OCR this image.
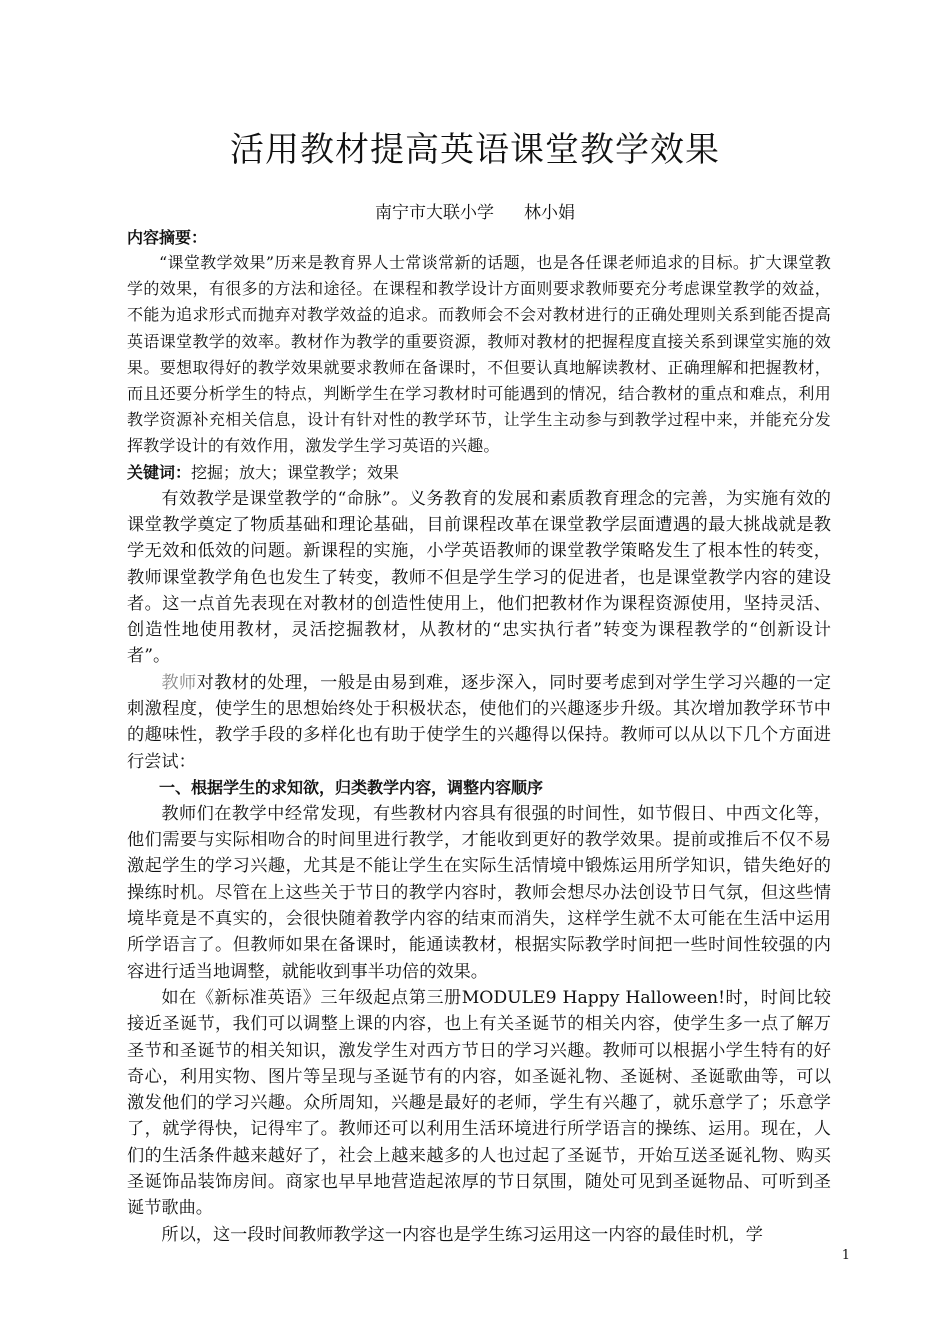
活用教材提高英语课堂教学效果
南宁市大联小学 林小娟

内容摘要：

“课堂教学效果”历来是教育界人士常谈常新的话题，也是各任课老师追求的目标。扩大课堂教学的效果，有很多的方法和途径。在课程和教学设计方面则要求教师要充分考虑课堂教学的效益，不能为追求形式而抛弃对教学效益的追求。而教师会不会对教材进行的正确处理则关系到能否提高英语课堂教学的效率。教材作为教学的重要资源，教师对教材的把握程度直接关系到课堂实施的效果。要想取得好的教学效果就要求教师在备课时，不但要认真地解读教材、正确理解和把握教材，而且还要分析学生的特点，判断学生在学习教材时可能遇到的情况，结合教材的重点和难点，利用教学资源补充相关信息，设计有针对性的教学环节，让学生主动参与到教学过程中来，并能充分发挥教学设计的有效作用，激发学生学习英语的兴趣。

关键词：挖掘；放大；课堂教学；效果

有效教学是课堂教学的“命脉”。义务教育的发展和素质教育理念的完善，为实施有效的课堂教学奠定了物质基础和理论基础，目前课程改革在课堂教学层面遭遇的最大挑战就是教学无效和低效的问题。新课程的实施，小学英语教师的课堂教学策略发生了根本性的转变，教师课堂教学角色也发生了转变，教师不但是学生学习的促进者，也是课堂教学内容的建设者。这一点首先表现在对教材的创造性使用上，他们把教材作为课程资源使用，坚持灵活、创造性地使用教材，灵活挖掘教材，从教材的“忠实执行者”转变为课程教学的“创新设计者”。

教师对教材的处理，一般是由易到难，逐步深入，同时要考虑到对学生学习兴趣的一定刺激程度，使学生的思想始终处于积极状态，使他们的兴趣逐步升级。其次增加教学环节中的趣味性，教学手段的多样化也有助于使学生的兴趣得以保持。教师可以从以下几个方面进行尝试：

一、根据学生的求知欲，归类教学内容，调整内容顺序

教师们在教学中经常发现，有些教材内容具有很强的时间性，如节假日、中西文化等，他们需要与实际相吻合的时间里进行教学，才能收到更好的教学效果。提前或推后不仅不易激起学生的学习兴趣，尤其是不能让学生在实际生活情境中锻炼运用所学知识，错失绝好的操练时机。尽管在上这些关于节日的教学内容时，教师会想尽办法创设节日气氛，但这些情境毕竟是不真实的，会很快随着教学内容的结束而消失，这样学生就不太可能在生活中运用所学语言了。但教师如果在备课时，能通读教材，根据实际教学时间把一些时间性较强的内容进行适当地调整，就能收到事半功倍的效果。

如在《新标准英语》三年级起点第三册MODULE9 Happy Halloween!时，时间比较接近圣诞节，我们可以调整上课的内容，也上有关圣诞节的相关内容，使学生多一点了解万圣节和圣诞节的相关知识，激发学生对西方节日的学习兴趣。教师可以根据小学生特有的好奇心，利用实物、图片等呈现与圣诞节有的内容，如圣诞礼物、圣诞树、圣诞歌曲等，可以激发他们的学习兴趣。众所周知，兴趣是最好的老师，学生有兴趣了，就乐意学了；乐意学了，就学得快，记得牢了。教师还可以利用生活环境进行所学语言的操练、运用。现在，人们的生活条件越来越好了，社会上越来越多的人也过起了圣诞节，开始互送圣诞礼物、购买圣诞饰品装饰房间。商家也早早地营造起浓厚的节日氛围，随处可见到圣诞物品、可听到圣诞节歌曲。

所以，这一段时间教师教学这一内容也是学生练习运用这一内容的最佳时机，学

1
